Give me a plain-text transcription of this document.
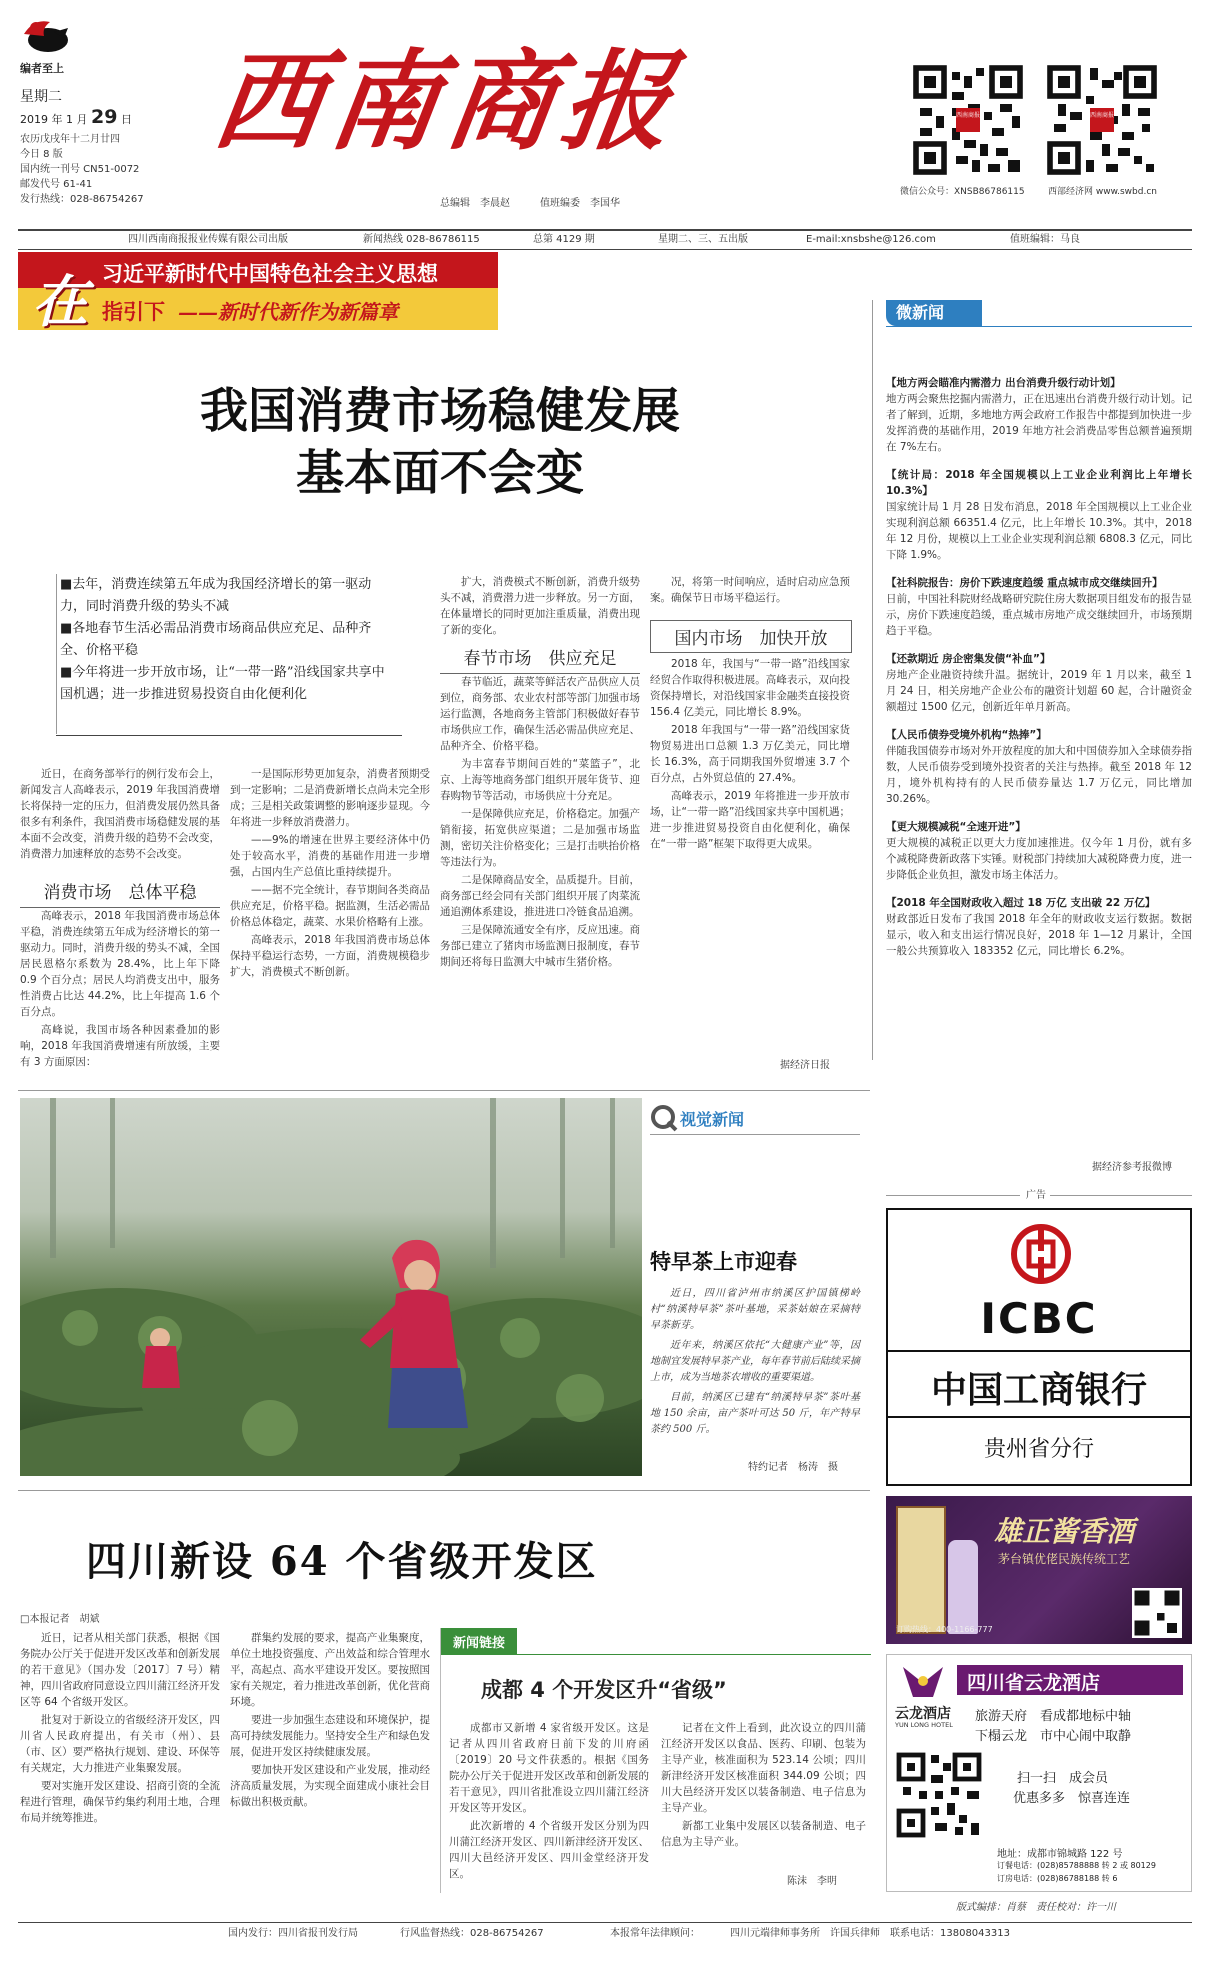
编者至上
星期二
2019 年 1 月 29 日
农历戊戌年十二月廿四
今日 8 版
国内统一刊号 CN51-0072
邮发代号 61-41
发行热线：028-86754267
西南商报
总编辑　李晨赵	值班编委　李国华
西南商报	西南商报
微信公众号：XNSB86786115	西部经济网 www.swbd.cn
四川西南商报报业传媒有限公司出版	新闻热线 028-86786115	总第 4129 期	星期二、三、五出版	E-mail:xnsbshe@126.com	值班编辑：马良
在 习近平新时代中国特色社会主义思想
指引下 ——新时代新作为新篇章
我国消费市场稳健发展
基本面不会变
■去年，消费连续第五年成为我国经济增长的第一驱动力，同时消费升级的势头不减
■各地春节生活必需品消费市场商品供应充足、品种齐全、价格平稳
■今年将进一步开放市场，让“一带一路”沿线国家共享中国机遇；进一步推进贸易投资自由化便利化

近日，在商务部举行的例行发布会上，新闻发言人高峰表示，2019 年我国消费增长将保持一定的压力，但消费发展仍然具备很多有利条件，我国消费市场稳健发展的基本面不会改变，消费升级的趋势不会改变，消费潜力加速释放的态势不会改变。

消费市场　总体平稳

高峰表示，2018 年我国消费市场总体平稳，消费连续第五年成为经济增长的第一驱动力。同时，消费升级的势头不减，全国居民恩格尔系数为 28.4%，比上年下降 0.9 个百分点；居民人均消费支出中，服务性消费占比达 44.2%，比上年提高 1.6 个百分点。

高峰说，我国市场各种因素叠加的影响，2018 年我国消费增速有所放缓，主要有 3 方面原因：

一是国际形势更加复杂，消费者预期受到一定影响；二是消费新增长点尚未完全形成；三是相关政策调整的影响逐步显现。今年将进一步释放消费潜力。

——9%的增速在世界主要经济体中仍处于较高水平，消费的基础作用进一步增强，占国内生产总值比重持续提升。

——据不完全统计，春节期间各类商品供应充足，价格平稳。据监测，生活必需品价格总体稳定，蔬菜、水果价格略有上涨。

高峰表示，2018 年我国消费市场总体保持平稳运行态势，一方面，消费规模稳步扩大，消费模式不断创新。

扩大，消费模式不断创新，消费升级势头不减，消费潜力进一步释放。另一方面，在体量增长的同时更加注重质量，消费出现了新的变化。

春节市场　供应充足

春节临近，蔬菜等鲜活农产品供应人员到位，商务部、农业农村部等部门加强市场运行监测，各地商务主管部门积极做好春节市场供应工作，确保生活必需品供应充足、品种齐全、价格平稳。

为丰富春节期间百姓的“菜篮子”，北京、上海等地商务部门组织开展年货节、迎春购物节等活动，市场供应十分充足。

一是保障供应充足，价格稳定。加强产销衔接，拓宽供应渠道；二是加强市场监测，密切关注价格变化；三是打击哄抬价格等违法行为。

二是保障商品安全，品质提升。目前，商务部已经会同有关部门组织开展了肉菜流通追溯体系建设，推进进口冷链食品追溯。

三是保障流通安全有序，反应迅速。商务部已建立了猪肉市场监测日报制度，春节期间还将每日监测大中城市生猪价格。

况，将第一时间响应，适时启动应急预案。确保节日市场平稳运行。

国内市场　加快开放

2018 年，我国与“一带一路”沿线国家经贸合作取得积极进展。高峰表示，双向投资保持增长，对沿线国家非金融类直接投资 156.4 亿美元，同比增长 8.9%。

2018 年我国与“一带一路”沿线国家货物贸易进出口总额 1.3 万亿美元，同比增长 16.3%，高于同期我国外贸增速 3.7 个百分点，占外贸总值的 27.4%。

高峰表示，2019 年将推进一步开放市场，让“一带一路”沿线国家共享中国机遇；进一步推进贸易投资自由化便利化，确保在“一带一路”框架下取得更大成果。

据经济日报
微新闻
【地方两会瞄准内需潜力 出台消费升级行动计划】
地方两会聚焦挖掘内需潜力，正在迅速出台消费升级行动计划。记者了解到，近期，多地地方两会政府工作报告中都提到加快进一步发挥消费的基础作用，2019 年地方社会消费品零售总额普遍预期在 7%左右。
【统计局：2018 年全国规模以上工业企业利润比上年增长 10.3%】
国家统计局 1 月 28 日发布消息，2018 年全国规模以上工业企业实现利润总额 66351.4 亿元，比上年增长 10.3%。其中，2018 年 12 月份，规模以上工业企业实现利润总额 6808.3 亿元，同比下降 1.9%。
【社科院报告：房价下跌速度趋缓 重点城市成交继续回升】
日前，中国社科院财经战略研究院住房大数据项目组发布的报告显示，房价下跌速度趋缓，重点城市房地产成交继续回升，市场预期趋于平稳。
【还款期近 房企密集发债“补血”】
房地产企业融资持续升温。据统计，2019 年 1 月以来，截至 1 月 24 日，相关房地产企业公布的融资计划超 60 起，合计融资金额超过 1500 亿元，创新近年单月新高。
【人民币债券受境外机构“热捧”】
伴随我国债券市场对外开放程度的加大和中国债券加入全球债券指数，人民币债券受到境外投资者的关注与热捧。截至 2018 年 12 月，境外机构持有的人民币债券量达 1.7 万亿元，同比增加 30.26%。
【更大规模减税“全速开进”】
更大规模的减税正以更大力度加速推进。仅今年 1 月份，就有多个减税降费新政落下实锤。财税部门持续加大减税降费力度，进一步降低企业负担，激发市场主体活力。
【2018 年全国财政收入超过 18 万亿 支出破 22 万亿】
财政部近日发布了我国 2018 年全年的财政收支运行数据。数据显示，收入和支出运行情况良好，2018 年 1—12 月累计，全国一般公共预算收入 183352 亿元，同比增长 6.2%。
据经济参考报微博
视觉新闻
特早茶上市迎春

近日，四川省泸州市纳溪区护国镇梯岭村“纳溪特早茶”茶叶基地，采茶姑娘在采摘特早茶新芽。

近年来，纳溪区依托“大健康产业”等，因地制宜发展特早茶产业，每年春节前后陆续采摘上市，成为当地茶农增收的重要渠道。

目前，纳溪区已建有“纳溪特早茶”茶叶基地 150 余亩，亩产茶叶可达 50 斤，年产特早茶约 500 斤。

特约记者　杨涛　摄
四川新设 64 个省级开发区
□本报记者　胡斌

近日，记者从相关部门获悉，根据《国务院办公厅关于促进开发区改革和创新发展的若干意见》（国办发〔2017〕7 号）精神，四川省政府同意设立四川蒲江经济开发区等 64 个省级开发区。

批复对于新设立的省级经济开发区，四川省人民政府提出，有关市（州）、县（市、区）要严格执行规划、建设、环保等有关规定，大力推进产业集聚发展。

要对实施开发区建设、招商引资的全流程进行管理，确保节约集约利用土地，合理布局并统筹推进。

群集约发展的要求，提高产业集聚度，单位土地投资强度、产出效益和综合管理水平，高起点、高水平建设开发区。要按照国家有关规定，着力推进改革创新，优化营商环境。

要进一步加强生态建设和环境保护，提高可持续发展能力。坚持安全生产和绿色发展，促进开发区持续健康发展。

要加快开发区建设和产业发展，推动经济高质量发展，为实现全面建成小康社会目标做出积极贡献。

新闻链接
成都 4 个开发区升“省级”

成都市又新增 4 家省级开发区。这是记者从四川省政府日前下发的川府函〔2019〕20 号文件获悉的。根据《国务院办公厅关于促进开发区改革和创新发展的若干意见》，四川省批准设立四川蒲江经济开发区等开发区。

此次新增的 4 个省级开发区分别为四川蒲江经济开发区、四川新津经济开发区、四川大邑经济开发区、四川金堂经济开发区。

记者在文件上看到，此次设立的四川蒲江经济开发区以食品、医药、印刷、包装为主导产业，核准面积为 523.14 公顷；四川新津经济开发区核准面积 344.09 公顷；四川大邑经济开发区以装备制造、电子信息为主导产业。

新都工业集中发展区以装备制造、电子信息为主导产业。

陈沫　李明
广告
ICBC
中国工商银行
贵州省分行
雄正酱香酒
茅台镇优佬民族传统工艺
订购热线：400-1166-777
四川省云龙酒店
云龙酒店
YUN LONG HOTEL
旅游天府　看成都地标中轴
下榻云龙　市中心闹中取静
扫一扫　成会员
优惠多多　惊喜连连
地址：成都市锦城路 122 号
订餐电话：(028)85788888 转 2 或 80129
订房电话：(028)86788188 转 6
版式编排：肖蔡　责任校对：许一川
国内发行：四川省报刊发行局	行风监督热线：028-86754267	本报常年法律顾问：	四川元端律师事务所　许国兵律师　联系电话：13808043313
